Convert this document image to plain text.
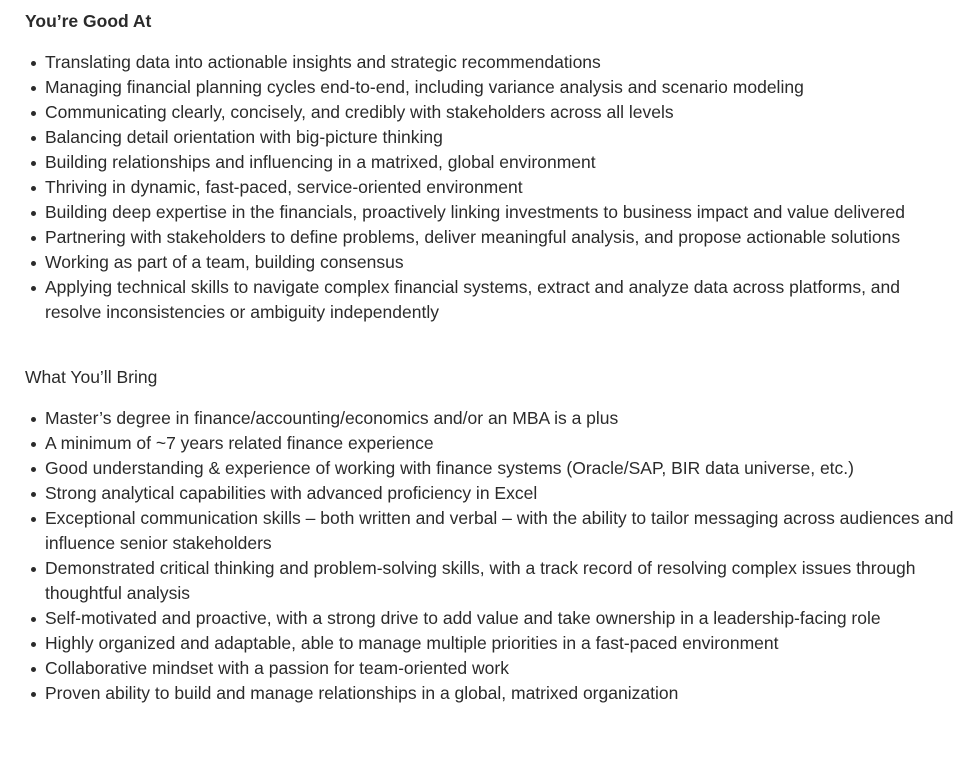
You’re Good At
Translating data into actionable insights and strategic recommendations
Managing financial planning cycles end-to-end, including variance analysis and scenario modeling
Communicating clearly, concisely, and credibly with stakeholders across all levels
Balancing detail orientation with big-picture thinking
Building relationships and influencing in a matrixed, global environment
Thriving in dynamic, fast-paced, service-oriented environment
Building deep expertise in the financials, proactively linking investments to business impact and value delivered
Partnering with stakeholders to define problems, deliver meaningful analysis, and propose actionable solutions
Working as part of a team, building consensus
Applying technical skills to navigate complex financial systems, extract and analyze data across platforms, and resolve inconsistencies or ambiguity independently

What You’ll Bring

Master’s degree in finance/accounting/economics and/or an MBA is a plus
A minimum of ~7 years related finance experience
Good understanding & experience of working with finance systems (Oracle/SAP, BIR data universe, etc.)
Strong analytical capabilities with advanced proficiency in Excel
Exceptional communication skills – both written and verbal – with the ability to tailor messaging across audiences and influence senior stakeholders
Demonstrated critical thinking and problem-solving skills, with a track record of resolving complex issues through thoughtful analysis
Self-motivated and proactive, with a strong drive to add value and take ownership in a leadership-facing role
Highly organized and adaptable, able to manage multiple priorities in a fast-paced environment
Collaborative mindset with a passion for team-oriented work
Proven ability to build and manage relationships in a global, matrixed organization
